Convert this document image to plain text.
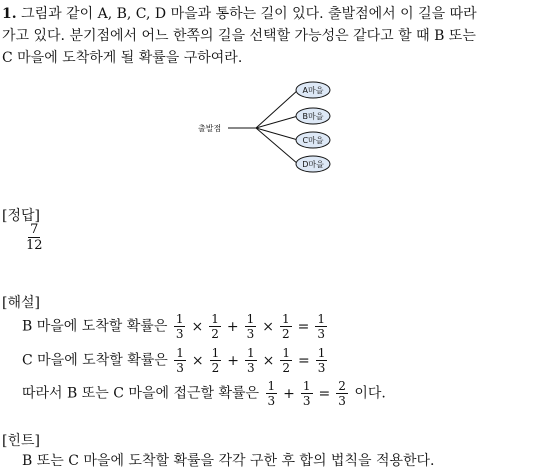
1. 그림과 같이 A, B, C, D 마을과 통하는 길이 있다. 출발점에서 이 길을 따라
가고 있다. 분기점에서 어느 한쪽의 길을 선택할 가능성은 같다고 할 때 B 또는
C 마을에 도착하게 될 확률을 구하여라.
출발점
A마을
B마을
C마을
D마을
[정답]
$\frac{7}{12}$
[해설]
B 마을에 도착할 확률은 $\frac{1}{3} \times \frac{1}{2} + \frac{1}{3} \times \frac{1}{2} = \frac{1}{3}$
C 마을에 도착할 확률은 $\frac{1}{3} \times \frac{1}{2} + \frac{1}{3} \times \frac{1}{2} = \frac{1}{3}$
따라서 B 또는 C 마을에 접근할 확률은 $\frac{1}{3} + \frac{1}{3} = \frac{2}{3}$ 이다.
[힌트]
B 또는 C 마을에 도착할 확률을 각각 구한 후 합의 법칙을 적용한다.
